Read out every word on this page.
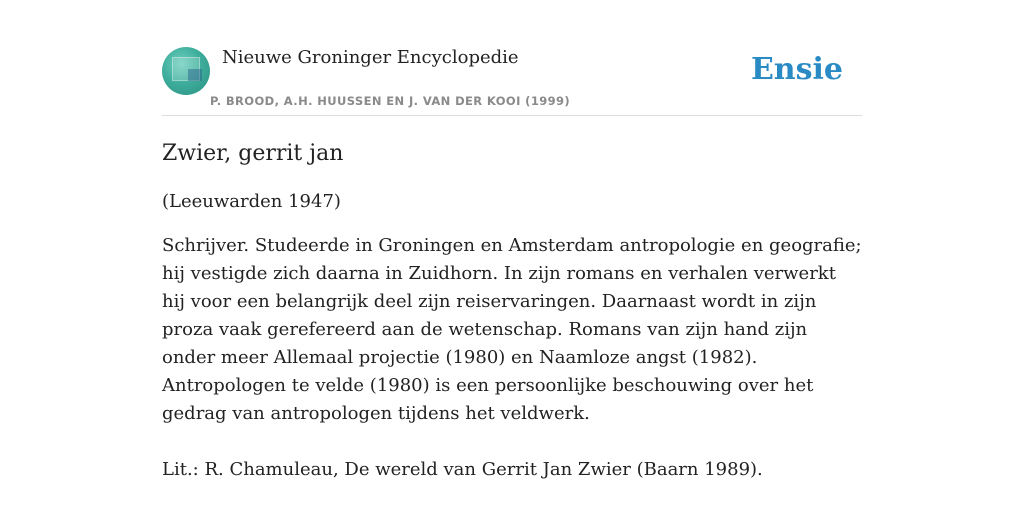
Nieuwe Groninger Encyclopedie
P. BROOD, A.H. HUUSSEN EN J. VAN DER KOOI (1999)
Ensie
Zwier, gerrit jan

(Leeuwarden 1947)

Schrijver. Studeerde in Groningen en Amsterdam antropologie en geografie; hij vestigde zich daarna in Zuidhorn. In zijn romans en verhalen verwerkt hij voor een belangrijk deel zijn reiservaringen. Daarnaast wordt in zijn proza vaak gerefereerd aan de wetenschap. Romans van zijn hand zijn onder meer Allemaal projectie (1980) en Naamloze angst (1982). Antropologen te velde (1980) is een persoonlijke beschouwing over het gedrag van antropologen tijdens het veldwerk.

Lit.: R. Chamuleau, De wereld van Gerrit Jan Zwier (Baarn 1989).
